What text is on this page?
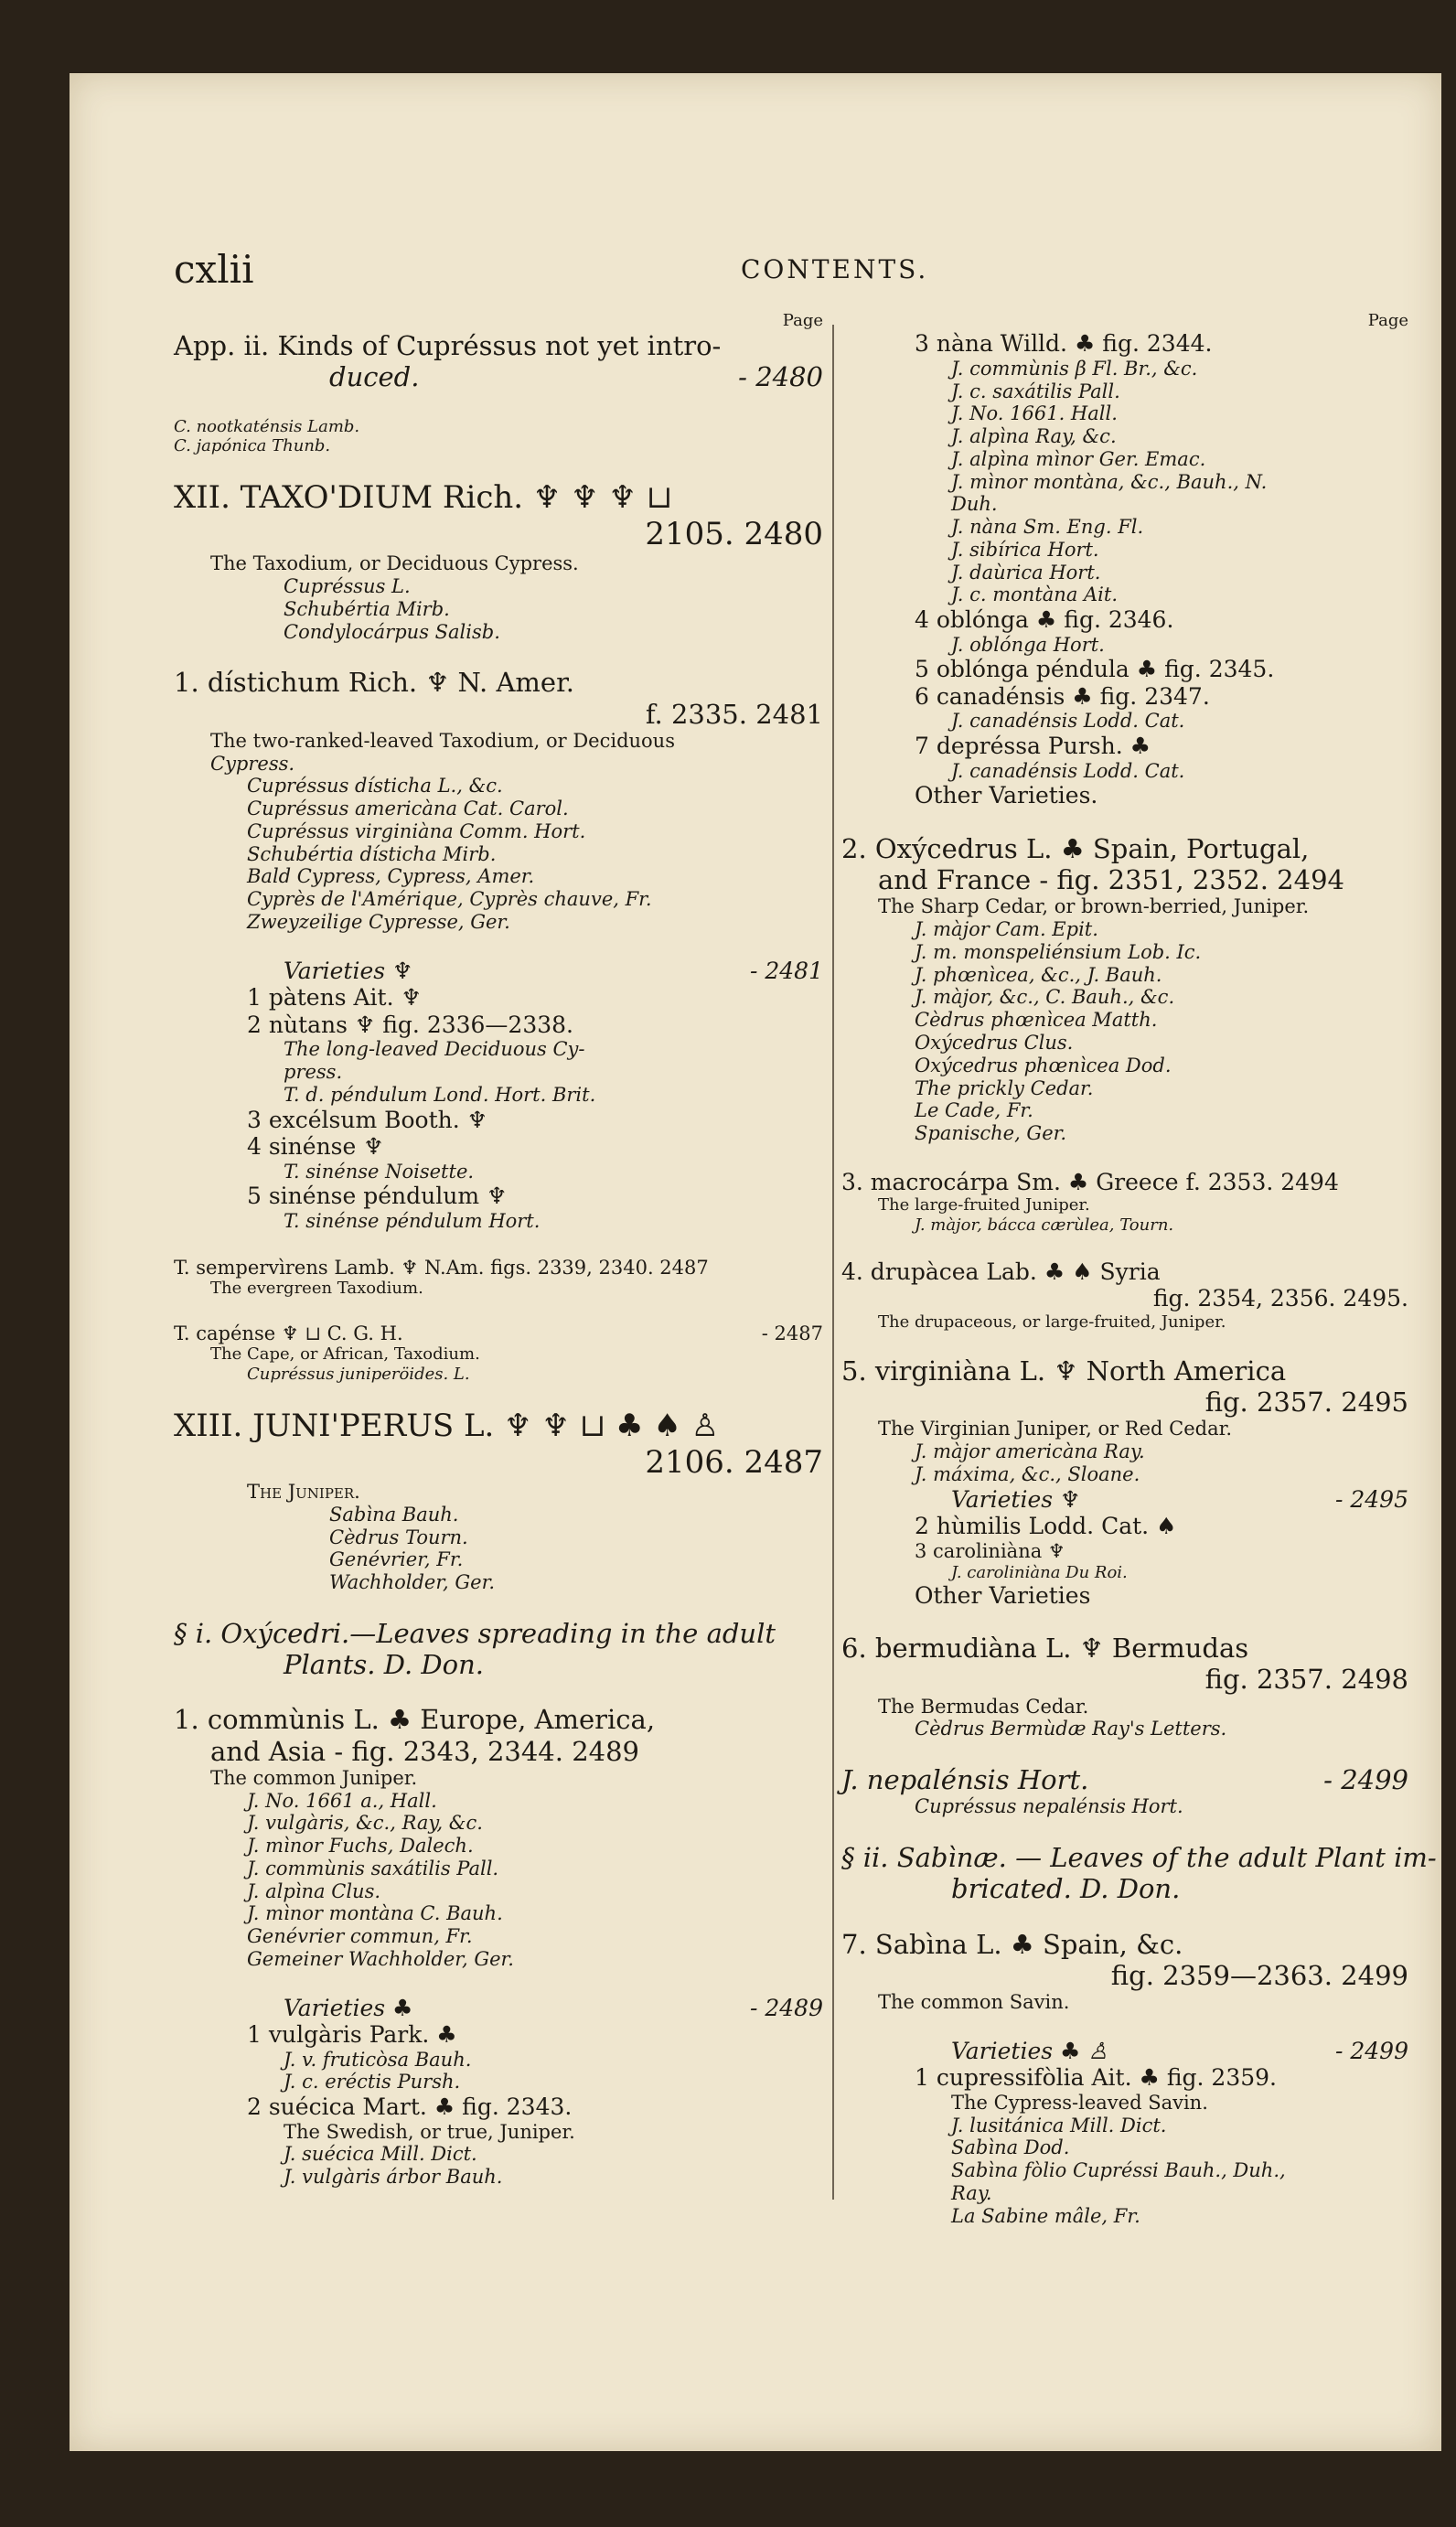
cxlii	CONTENTS.
Page
App. ii. Kinds of Cupréssus not yet intro-
duced.	- 2480
C. nootkaténsis Lamb.
C. japónica Thunb.
XII. TAXO'DIUM Rich. ♆ ♆ ♆ ⊔
2105. 2480
The Taxodium, or Deciduous Cypress.
Cupréssus L.
Schubértia Mirb.
Condylocárpus Salisb.
1. dístichum Rich. ♆ N. Amer.
f. 2335. 2481
The two-ranked-leaved Taxodium, or Deciduous
Cypress.
Cupréssus dísticha L., &c.
Cupréssus americàna Cat. Carol.
Cupréssus virginiàna Comm. Hort.
Schubértia dísticha Mirb.
Bald Cypress, Cypress, Amer.
Cyprès de l'Amérique, Cyprès chauve, Fr.
Zweyzeilige Cypresse, Ger.
Varieties ♆	- 2481
1 pàtens Ait. ♆
2 nùtans ♆ fig. 2336—2338.
The long-leaved Deciduous Cy-
press.
T. d. péndulum Lond. Hort. Brit.
3 excélsum Booth. ♆
4 sinénse ♆
T. sinénse Noisette.
5 sinénse péndulum ♆
T. sinénse péndulum Hort.
T. sempervìrens Lamb. ♆ N.Am. figs. 2339, 2340. 2487
The evergreen Taxodium.
T. capénse ♆ ⊔ C. G. H.	- 2487
The Cape, or African, Taxodium.
Cupréssus juniperöides. L.
XIII. JUNI'PERUS L. ♆ ♆ ⊔ ♣ ♠ ♙
2106. 2487
The Juniper.
Sabìna Bauh.
Cèdrus Tourn.
Genévrier, Fr.
Wachholder, Ger.
§ i. Oxýcedri.—Leaves spreading in the adult
Plants. D. Don.
1. commùnis L. ♣ Europe, America,
and Asia - fig. 2343, 2344. 2489
The common Juniper.
J. No. 1661 a., Hall.
J. vulgàris, &c., Ray, &c.
J. mìnor Fuchs, Dalech.
J. commùnis saxátilis Pall.
J. alpìna Clus.
J. mìnor montàna C. Bauh.
Genévrier commun, Fr.
Gemeiner Wachholder, Ger.
Varieties ♣	- 2489
1 vulgàris Park. ♣
J. v. fruticòsa Bauh.
J. c. eréctis Pursh.
2 suécica Mart. ♣ fig. 2343.
The Swedish, or true, Juniper.
J. suécica Mill. Dict.
J. vulgàris árbor Bauh.
Page
3 nàna Willd. ♣ fig. 2344.
J. commùnis β Fl. Br., &c.
J. c. saxátilis Pall.
J. No. 1661. Hall.
J. alpìna Ray, &c.
J. alpìna mìnor Ger. Emac.
J. mìnor montàna, &c., Bauh., N.
Duh.
J. nàna Sm. Eng. Fl.
J. sibírica Hort.
J. daùrica Hort.
J. c. montàna Ait.
4 oblónga ♣ fig. 2346.
J. oblónga Hort.
5 oblónga péndula ♣ fig. 2345.
6 canadénsis ♣ fig. 2347.
J. canadénsis Lodd. Cat.
7 depréssa Pursh. ♣
J. canadénsis Lodd. Cat.
Other Varieties.
2. Oxýcedrus L. ♣ Spain, Portugal,
and France - fig. 2351, 2352. 2494
The Sharp Cedar, or brown-berried, Juniper.
J. màjor Cam. Epit.
J. m. monspeliénsium Lob. Ic.
J. phœnìcea, &c., J. Bauh.
J. màjor, &c., C. Bauh., &c.
Cèdrus phœnìcea Matth.
Oxýcedrus Clus.
Oxýcedrus phœnìcea Dod.
The prickly Cedar.
Le Cade, Fr.
Spanische, Ger.
3. macrocárpa Sm. ♣ Greece f. 2353. 2494
The large-fruited Juniper.
J. màjor, bácca cærùlea, Tourn.
4. drupàcea Lab. ♣ ♠ Syria
fig. 2354, 2356. 2495.
The drupaceous, or large-fruited, Juniper.
5. virginiàna L. ♆ North America
fig. 2357. 2495
The Virginian Juniper, or Red Cedar.
J. màjor americàna Ray.
J. máxima, &c., Sloane.
Varieties ♆	- 2495
2 hùmilis Lodd. Cat. ♠
3 caroliniàna ♆
J. caroliniàna Du Roi.
Other Varieties
6. bermudiàna L. ♆ Bermudas
fig. 2357. 2498
The Bermudas Cedar.
Cèdrus Bermùdæ Ray's Letters.
J. nepalénsis Hort.	- 2499
Cupréssus nepalénsis Hort.
§ ii. Sabìnæ. — Leaves of the adult Plant im-
bricated. D. Don.
7. Sabìna L. ♣ Spain, &c.
fig. 2359—2363. 2499
The common Savin.
Varieties ♣ ♙	- 2499
1 cupressifòlia Ait. ♣ fig. 2359.
The Cypress-leaved Savin.
J. lusitánica Mill. Dict.
Sabìna Dod.
Sabìna fòlio Cupréssi Bauh., Duh.,
Ray.
La Sabine mâle, Fr.
